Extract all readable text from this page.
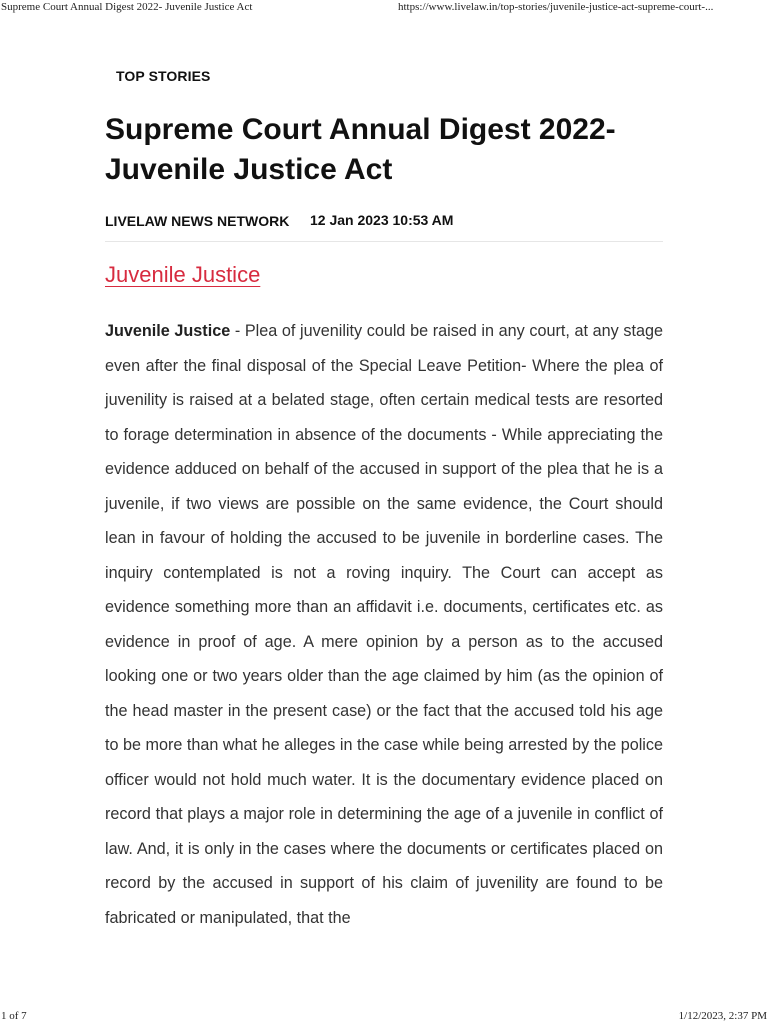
Supreme Court Annual Digest 2022- Juvenile Justice Act	https://www.livelaw.in/top-stories/juvenile-justice-act-supreme-court-...
TOP STORIES
Supreme Court Annual Digest 2022- Juvenile Justice Act
LIVELAW NEWS NETWORK 12 Jan 2023 10:53 AM
Juvenile Justice

Juvenile Justice - Plea of juvenility could be raised in any court, at any stage even after the final disposal of the Special Leave Petition- Where the plea of juvenility is raised at a belated stage, often certain medical tests are resorted to forage determination in absence of the documents - While appreciating the evidence adduced on behalf of the accused in support of the plea that he is a juvenile, if two views are possible on the same evidence, the Court should lean in favour of holding the accused to be juvenile in borderline cases. The inquiry contemplated is not a roving inquiry. The Court can accept as evidence something more than an affidavit i.e. documents, certificates etc. as evidence in proof of age. A mere opinion by a person as to the accused looking one or two years older than the age claimed by him (as the opinion of the head master in the present case) or the fact that the accused told his age to be more than what he alleges in the case while being arrested by the police officer would not hold much water. It is the documentary evidence placed on record that plays a major role in determining the age of a juvenile in conflict of law. And, it is only in the cases where the documents or certificates placed on record by the accused in support of his claim of juvenility are found to be fabricated or manipulated, that the

1 of 7	1/12/2023, 2:37 PM
